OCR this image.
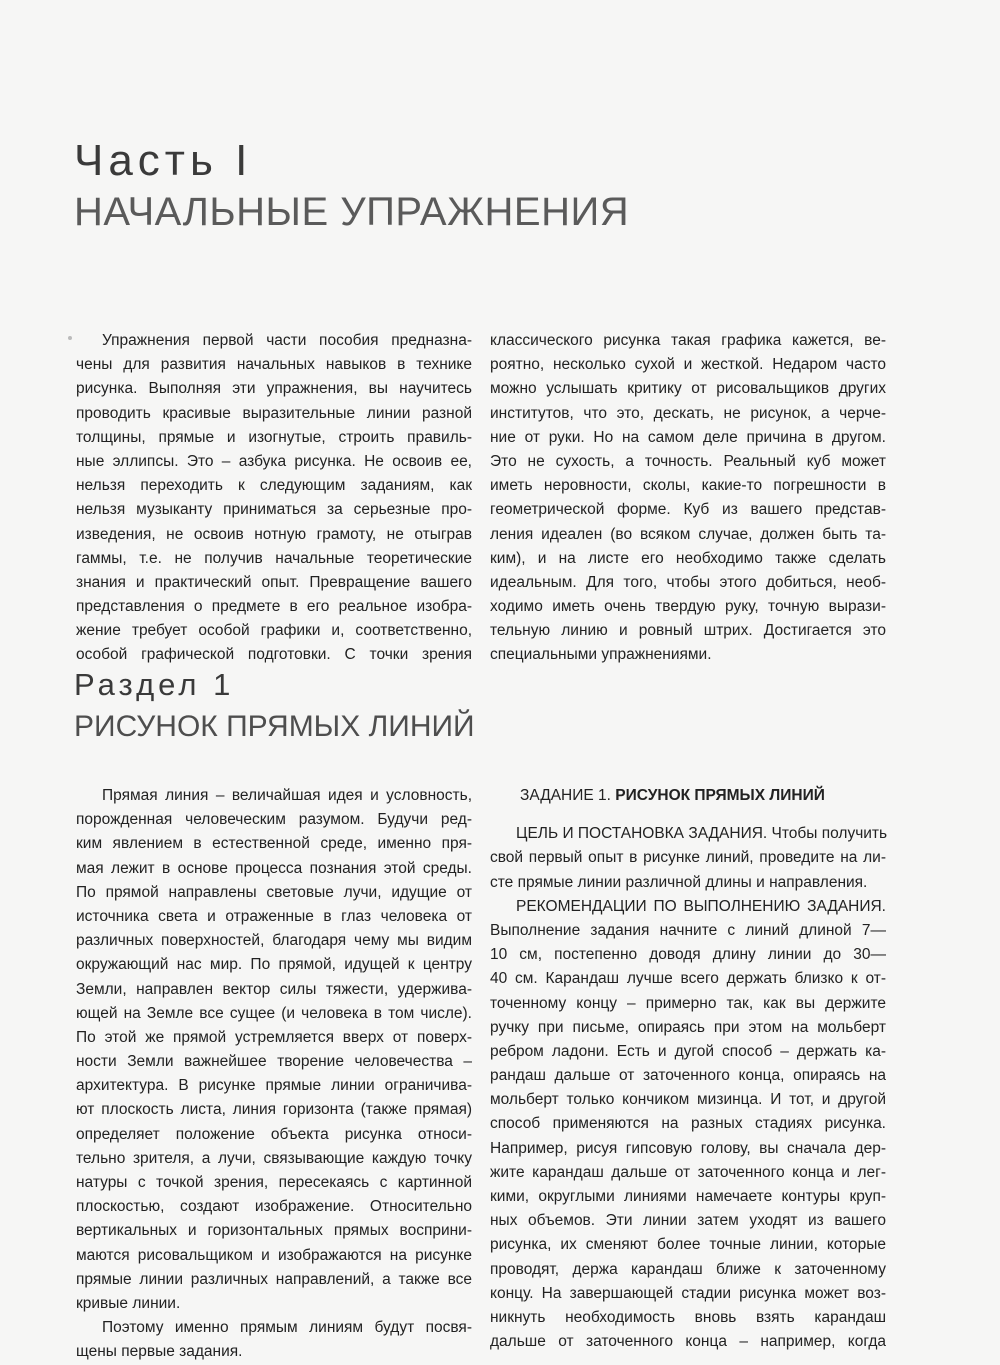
Часть I
НАЧАЛЬНЫЕ УПРАЖНЕНИЯ
Упражнения первой части пособия предназна-
чены для развития начальных навыков в технике
рисунка. Выполняя эти упражнения, вы научитесь
проводить красивые выразительные линии разной
толщины, прямые и изогнутые, строить правиль-
ные эллипсы. Это – азбука рисунка. Не освоив ее,
нельзя переходить к следующим заданиям, как
нельзя музыканту приниматься за серьезные про-
изведения, не освоив нотную грамоту, не отыграв
гаммы, т.е. не получив начальные теоретические
знания и практический опыт. Превращение вашего
представления о предмете в его реальное изобра-
жение требует особой графики и, соответственно,
особой графической подготовки. С точки зрения
классического рисунка такая графика кажется, ве-
роятно, несколько сухой и жесткой. Недаром часто
можно услышать критику от рисовальщиков других
институтов, что это, дескать, не рисунок, а черче-
ние от руки. Но на самом деле причина в другом.
Это не сухость, а точность. Реальный куб может
иметь неровности, сколы, какие-то погрешности в
геометрической форме. Куб из вашего представ-
ления идеален (во всяком случае, должен быть та-
ким), и на листе его необходимо также сделать
идеальным. Для того, чтобы этого добиться, необ-
ходимо иметь очень твердую руку, точную вырази-
тельную линию и ровный штрих. Достигается это
специальными упражнениями.
Раздел 1
РИСУНОК ПРЯМЫХ ЛИНИЙ
Прямая линия – величайшая идея и условность,
порожденная человеческим разумом. Будучи ред-
ким явлением в естественной среде, именно пря-
мая лежит в основе процесса познания этой среды.
По прямой направлены световые лучи, идущие от
источника света и отраженные в глаз человека от
различных поверхностей, благодаря чему мы видим
окружающий нас мир. По прямой, идущей к центру
Земли, направлен вектор силы тяжести, удержива-
ющей на Земле все сущее (и человека в том числе).
По этой же прямой устремляется вверх от поверх-
ности Земли важнейшее творение человечества –
архитектура. В рисунке прямые линии ограничива-
ют плоскость листа, линия горизонта (также прямая)
определяет положение объекта рисунка относи-
тельно зрителя, а лучи, связывающие каждую точку
натуры с точкой зрения, пересекаясь с картинной
плоскостью, создают изображение. Относительно
вертикальных и горизонтальных прямых восприни-
маются рисовальщиком и изображаются на рисунке
прямые линии различных направлений, а также все
кривые линии.
Поэтому именно прямым линиям будут посвя-
щены первые задания.
ЗАДАНИЕ 1. РИСУНОК ПРЯМЫХ ЛИНИЙ
ЦЕЛЬ И ПОСТАНОВКА ЗАДАНИЯ. Чтобы получить
свой первый опыт в рисунке линий, проведите на ли-
сте прямые линии различной длины и направления.
РЕКОМЕНДАЦИИ ПО ВЫПОЛНЕНИЮ ЗАДАНИЯ.
Выполнение задания начните с линий длиной 7—
10 см, постепенно доводя длину линии до 30—
40 см. Карандаш лучше всего держать близко к от-
точенному концу – примерно так, как вы держите
ручку при письме, опираясь при этом на мольберт
ребром ладони. Есть и дугой способ – держать ка-
рандаш дальше от заточенного конца, опираясь на
мольберт только кончиком мизинца. И тот, и другой
способ применяются на разных стадиях рисунка.
Например, рисуя гипсовую голову, вы сначала дер-
жите карандаш дальше от заточенного конца и лег-
кими, округлыми линиями намечаете контуры круп-
ных объемов. Эти линии затем уходят из вашего
рисунка, их сменяют более точные линии, которые
проводят, держа карандаш ближе к заточенному
концу. На завершающей стадии рисунка может воз-
никнуть необходимость вновь взять карандаш
дальше от заточенного конца – например, когда
